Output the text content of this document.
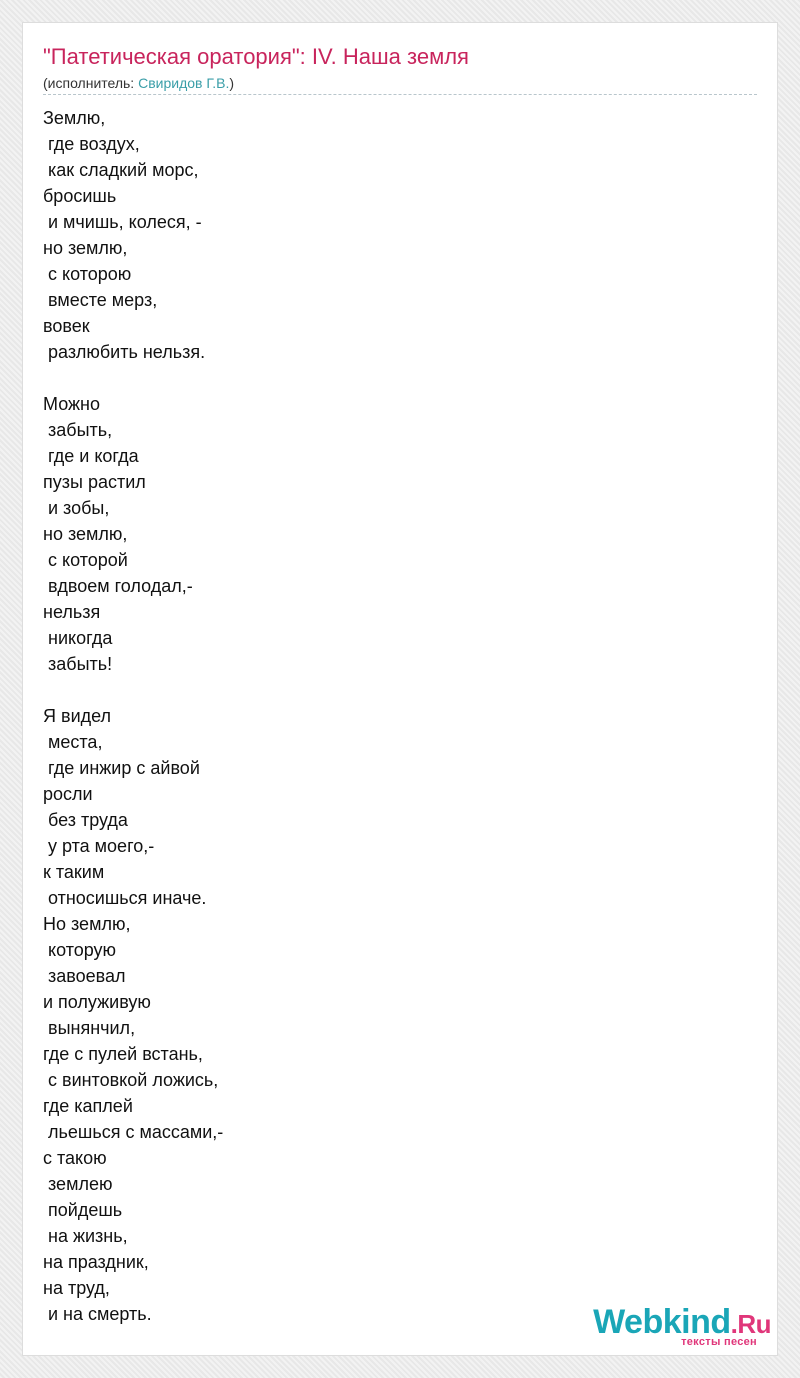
"Патетическая оратория": IV. Наша земля
(исполнитель: Свиридов Г.В.)
Землю,
где воздух,
как сладкий морс,
бросишь
и мчишь, колеся, -
но землю,
с которою
вместе мерз,
вовек
разлюбить нельзя.

Можно
забыть,
где и когда
пузы растил
и зобы,
но землю,
с которой
вдвоем голодал,-
нельзя
никогда
забыть!

Я видел
места,
где инжир с айвой
росли
без труда
у рта моего,-
к таким
относишься иначе.
Но землю,
которую
завоевал
и полуживую
вынянчил,
где с пулей встань,
с винтовкой ложись,
где каплей
льешься с массами,-
с такою
землею
пойдешь
на жизнь,
на праздник,
на труд,
и на смерть.	Webkind.Ru
тексты песен
